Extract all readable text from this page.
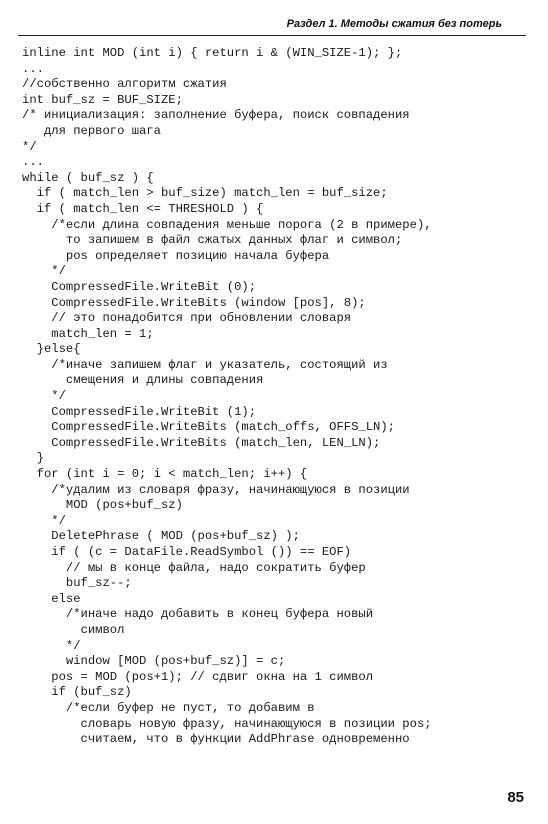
Раздел 1. Методы сжатия без потерь
inline int MOD (int i) { return i & (WIN_SIZE-1); };
...
//собственно алгоритм сжатия
int buf_sz = BUF_SIZE;
/* инициализация: заполнение буфера, поиск совпадения
для первого шага
*/
...
while ( buf_sz ) {
if ( match_len > buf_size) match_len = buf_size;
if ( match_len <= THRESHOLD ) {
/*если длина совпадения меньше порога (2 в примере),
то запишем в файл сжатых данных флаг и символ;
pos определяет позицию начала буфера
*/
CompressedFile.WriteBit (0);
CompressedFile.WriteBits (window [pos], 8);
// это понадобится при обновлении словаря
match_len = 1;
}else{
/*иначе запишем флаг и указатель, состоящий из
смещения и длины совпадения
*/
CompressedFile.WriteBit (1);
CompressedFile.WriteBits (match_offs, OFFS_LN);
CompressedFile.WriteBits (match_len, LEN_LN);
}
for (int i = 0; i < match_len; i++) {
/*удалим из словаря фразу, начинающуюся в позиции
MOD (pos+buf_sz)
*/
DeletePhrase ( MOD (pos+buf_sz) );
if ( (c = DataFile.ReadSymbol ()) == EOF)
// мы в конце файла, надо сократить буфер
buf_sz--;
else
/*иначе надо добавить в конец буфера новый
символ
*/
window [MOD (pos+buf_sz)] = c;
pos = MOD (pos+1); // сдвиг окна на 1 символ
if (buf_sz)
/*если буфер не пуст, то добавим в
словарь новую фразу, начинающуюся в позиции pos;
считаем, что в функции AddPhrase одновременно
85
